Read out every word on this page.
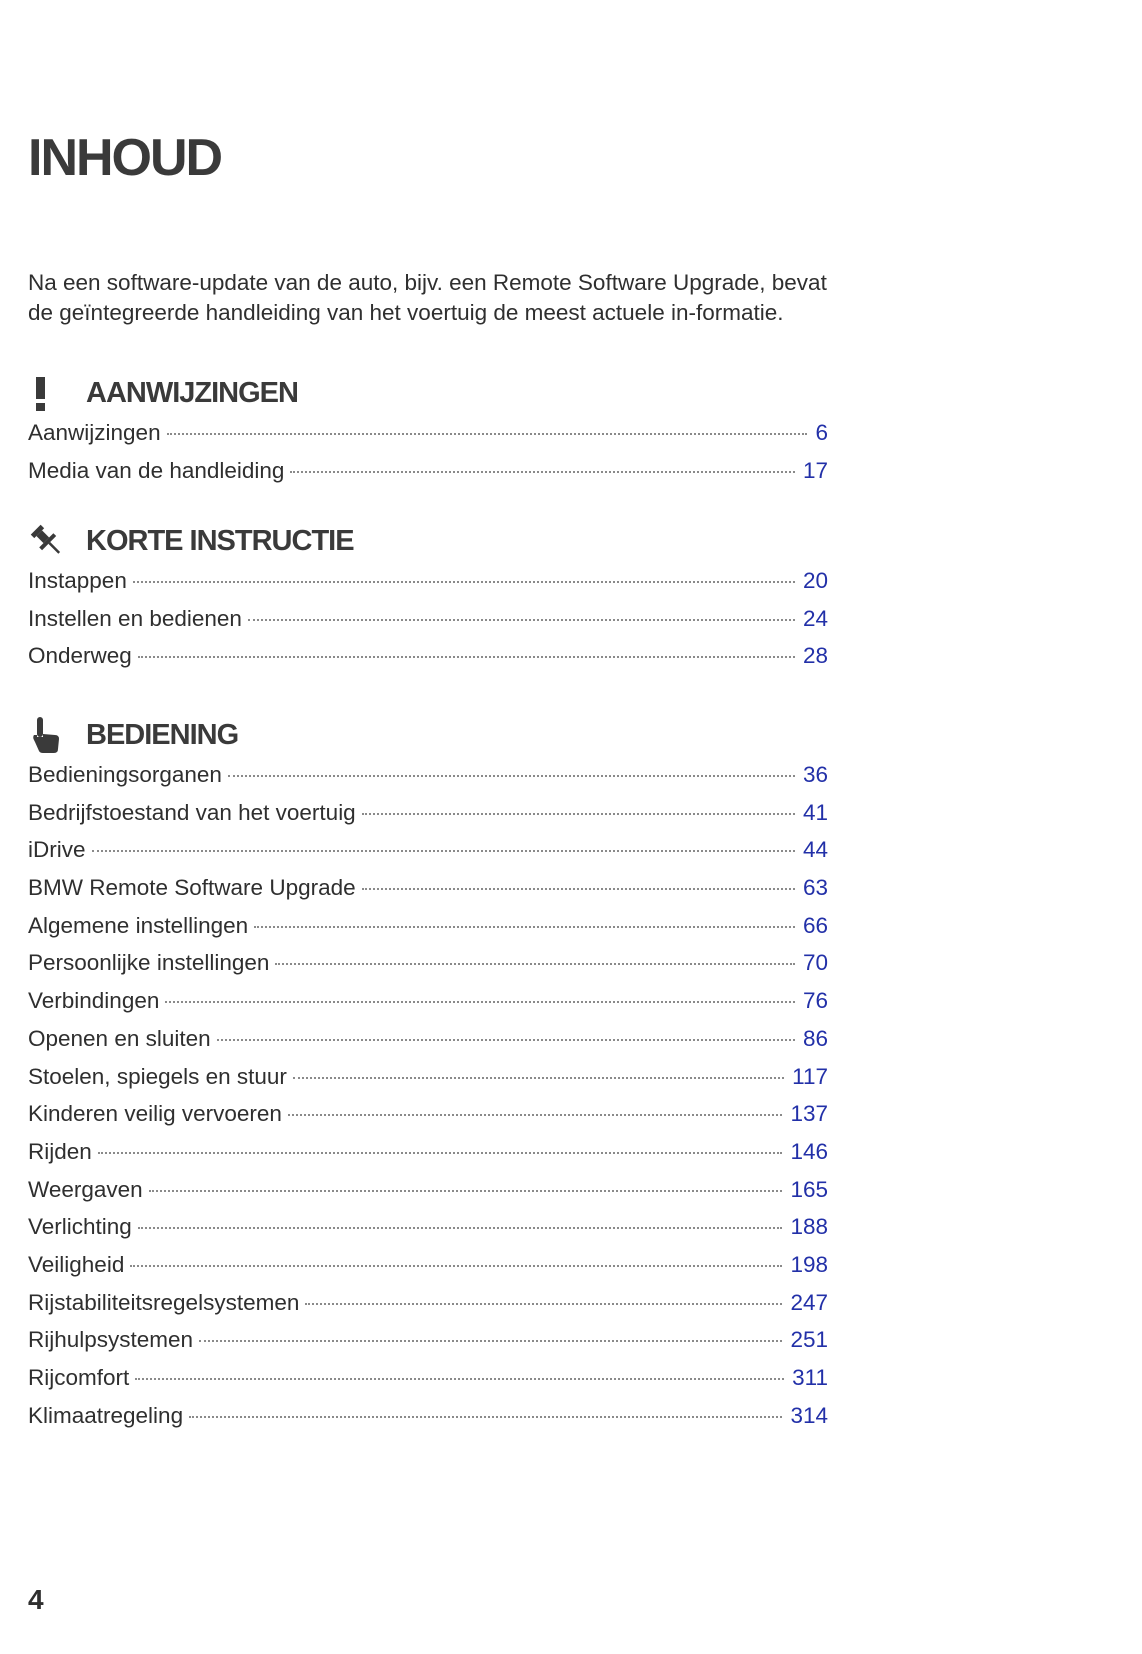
INHOUD

Na een software-update van de auto, bijv. een Remote Software Upgrade, bevat de geïntegreerde handleiding van het voertuig de meest actuele in-formatie.

AANWIJZINGEN
Aanwijzingen	6
Media van de handleiding	17
KORTE INSTRUCTIE
Instappen	20
Instellen en bedienen	24
Onderweg	28
BEDIENING
Bedieningsorganen	36
Bedrijfstoestand van het voertuig	41
iDrive	44
BMW Remote Software Upgrade	63
Algemene instellingen	66
Persoonlijke instellingen	70
Verbindingen	76
Openen en sluiten	86
Stoelen, spiegels en stuur	117
Kinderen veilig vervoeren	137
Rijden	146
Weergaven	165
Verlichting	188
Veiligheid	198
Rijstabiliteitsregelsystemen	247
Rijhulpsystemen	251
Rijcomfort	311
Klimaatregeling	314
4
